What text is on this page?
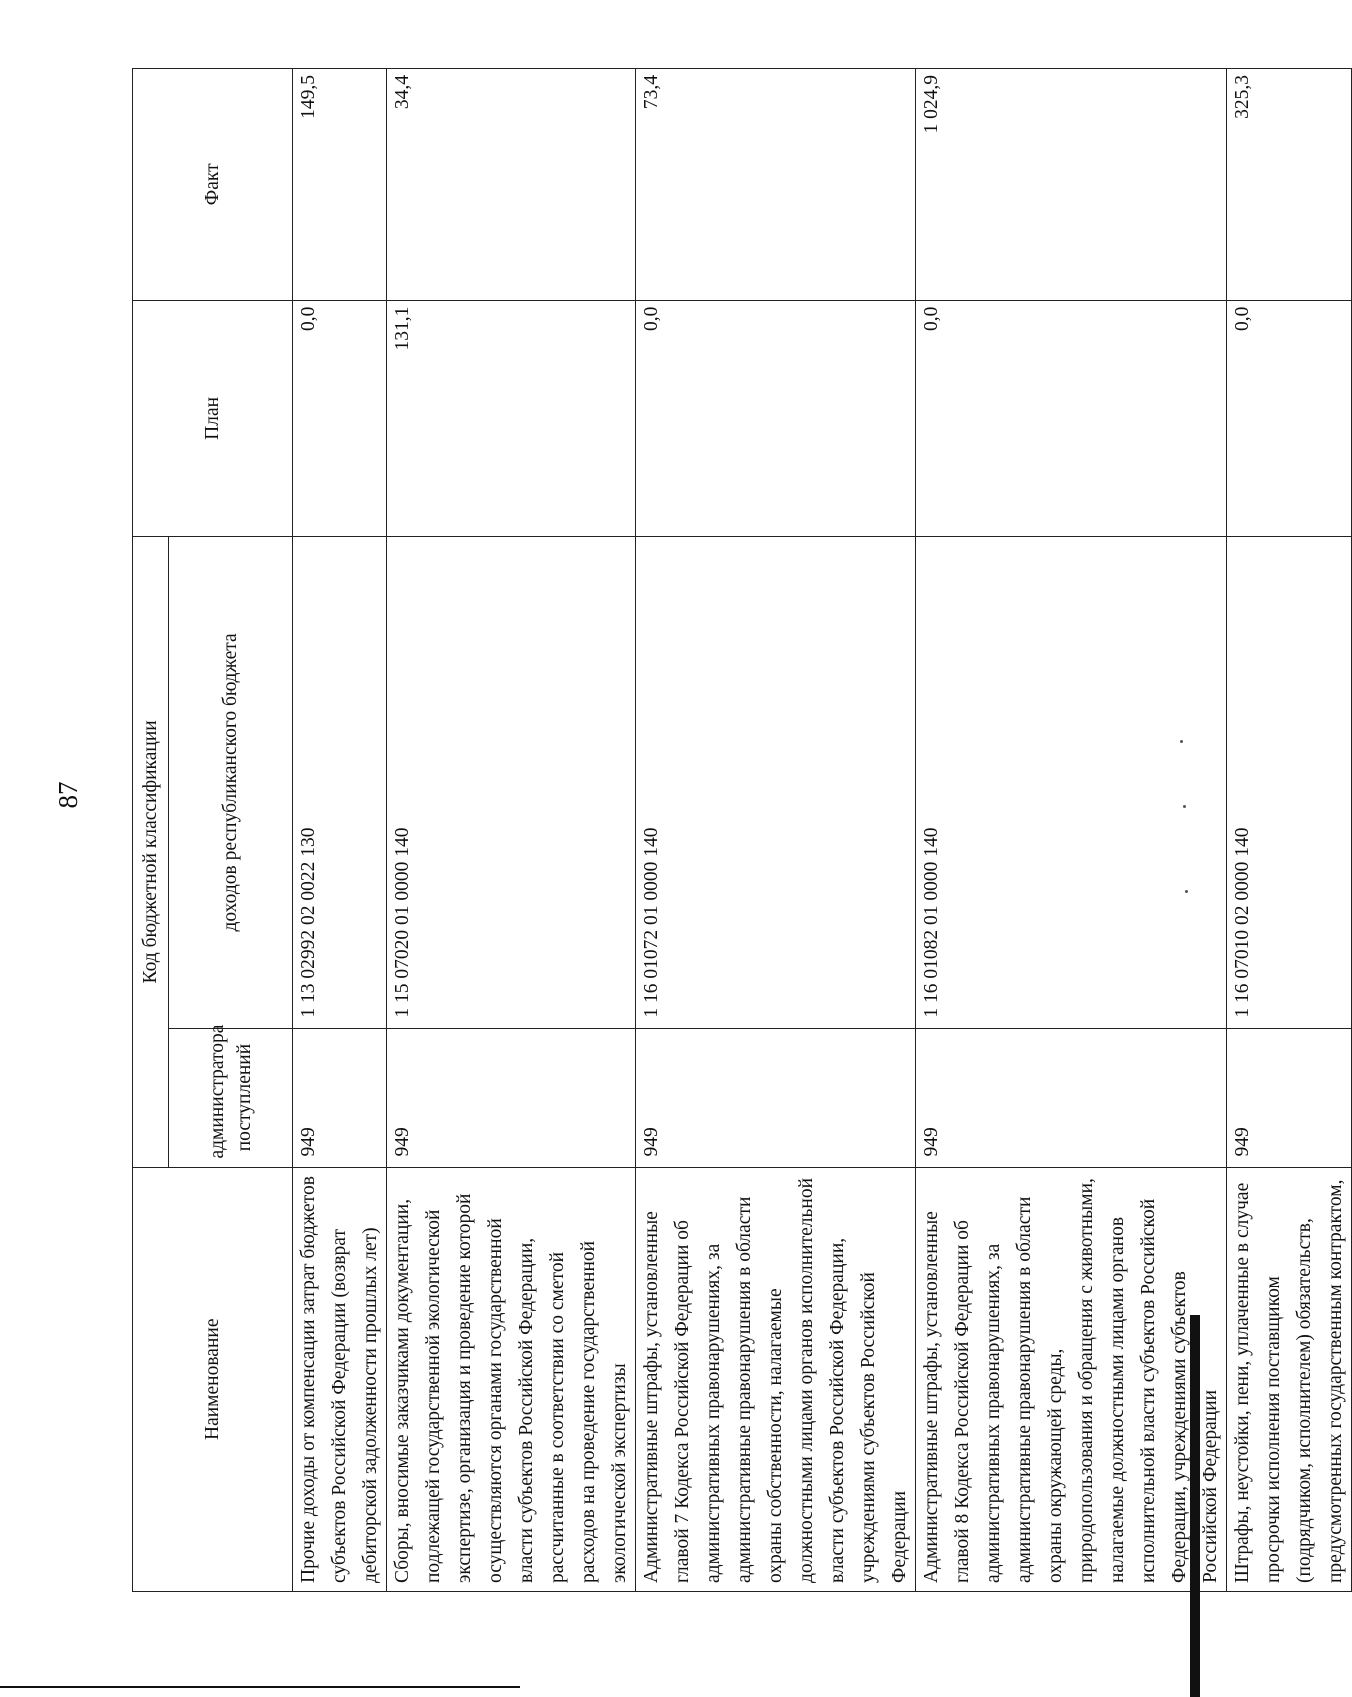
87
Наименование	Код бюджетной классификации		План	Факт
	администратора поступлений	доходов республиканского бюджета		
Прочие доходы от компенсации затрат бюджетов субъектов Российской Федерации (возврат дебиторской задолженности прошлых лет)	949	1 13 02992 02 0022 130	0,0	149,5
Сборы, вносимые заказчиками документации, подлежащей государственной экологической экспертизе, организация и проведение которой осуществляются органами государственной власти субъектов Российской Федерации, рассчитанные в соответствии со сметой расходов на проведение государственной экологической экспертизы	949	1 15 07020 01 0000 140	131,1	34,4
Административные штрафы, установленные главой 7 Кодекса Российской Федерации об административных правонарушениях, за административные правонарушения в области охраны собственности, налагаемые должностными лицами органов исполнительной власти субъектов Российской Федерации, учреждениями субъектов Российской Федерации	949	1 16 01072 01 0000 140	0,0	73,4
Административные штрафы, установленные главой 8 Кодекса Российской Федерации об административных правонарушениях, за административные правонарушения в области охраны окружающей среды, природопользования и обращения с животными, налагаемые должностными лицами органов исполнительной власти субъектов Российской Федерации, учреждениями субъектов Российской Федерации	949	1 16 01082 01 0000 140	0,0	1 024,9
Штрафы, неустойки, пени, уплаченные в случае просрочки исполнения поставщиком (подрядчиком, исполнителем) обязательств, предусмотренных государственным контрактом,	949	1 16 07010 02 0000 140	0,0	325,3
